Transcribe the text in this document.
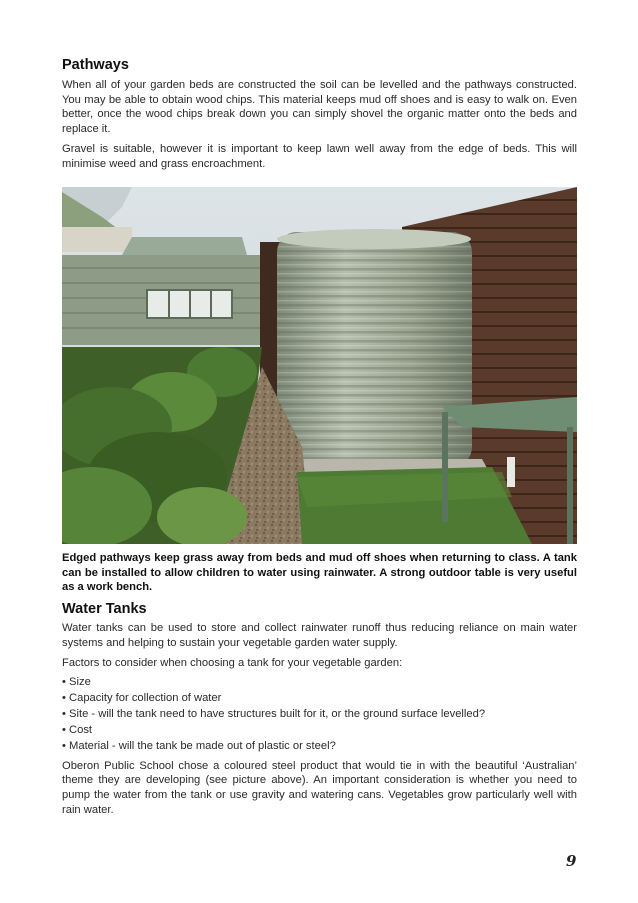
Pathways

When all of your garden beds are constructed the soil can be levelled and the pathways constructed. You may be able to obtain wood chips. This material keeps mud off shoes and is easy to walk on. Even better, once the wood chips break down you can simply shovel the organic matter onto the beds and replace it.

Gravel is suitable, however it is important to keep lawn well away from the edge of beds. This will minimise weed and grass encroachment.

Edged pathways keep grass away from beds and mud off shoes when returning to class. A tank can be installed to allow children to water using rainwater. A strong outdoor table is very useful as a work bench.
Water Tanks

Water tanks can be used to store and collect rainwater runoff thus reducing reliance on main water systems and helping to sustain your vegetable garden water supply.

Factors to consider when choosing a tank for your vegetable garden:

• Size
• Capacity for collection of water
• Site - will the tank need to have structures built for it, or the ground surface levelled?
• Cost
• Material - will the tank be made out of plastic or steel?

Oberon Public School chose a coloured steel product that would tie in with the beautiful ‘Australian’ theme they are developing (see picture above). An important consideration is whether you need to pump the water from the tank or use gravity and watering cans. Vegetables grow particularly well with rain water.

9
